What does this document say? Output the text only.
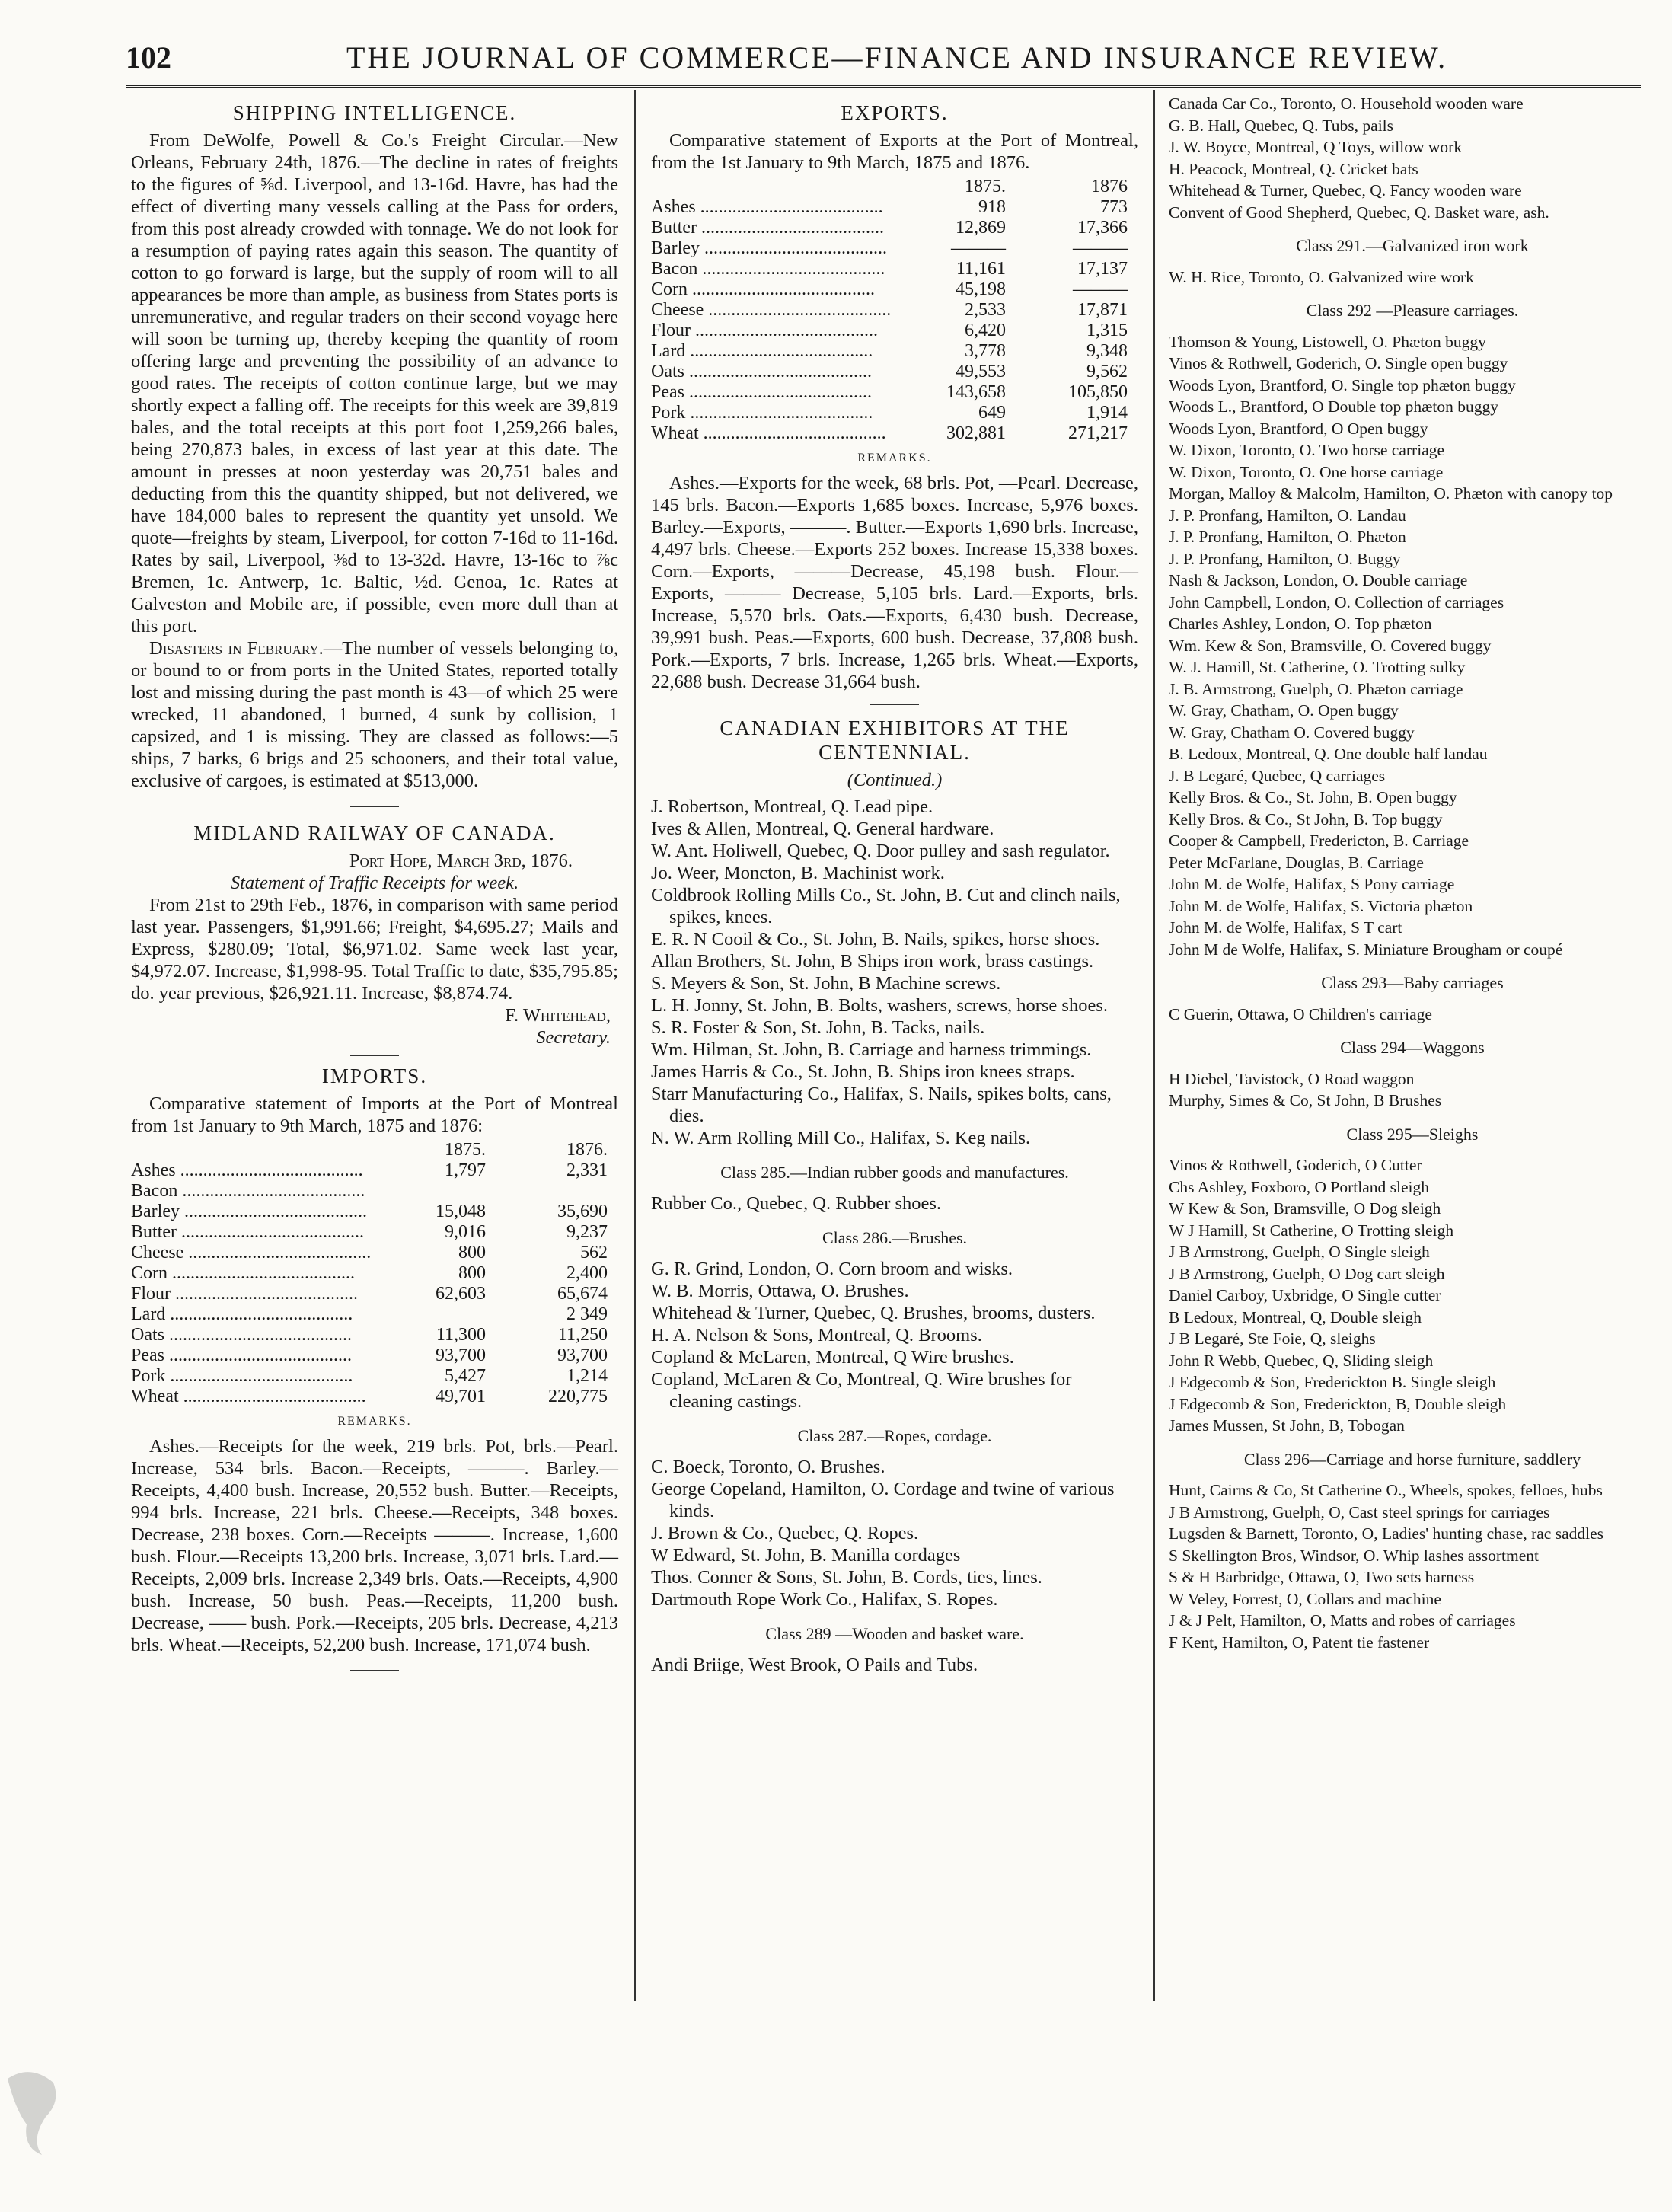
102	THE JOURNAL OF COMMERCE—FINANCE AND INSURANCE REVIEW.
SHIPPING INTELLIGENCE.

From DeWolfe, Powell & Co.'s Freight Circular.—New Orleans, February 24th, 1876.—The decline in rates of freights to the figures of ⅝d. Liverpool, and 13-16d. Havre, has had the effect of diverting many vessels calling at the Pass for orders, from this post already crowded with tonnage. We do not look for a resumption of paying rates again this season. The quantity of cotton to go forward is large, but the supply of room will to all appearances be more than ample, as business from States ports is unremunerative, and regular traders on their second voyage here will soon be turning up, thereby keeping the quantity of room offering large and preventing the possibility of an advance to good rates. The receipts of cotton continue large, but we may shortly expect a falling off. The receipts for this week are 39,819 bales, and the total receipts at this port foot 1,259,266 bales, being 270,873 bales, in excess of last year at this date. The amount in presses at noon yesterday was 20,751 bales and deducting from this the quantity shipped, but not delivered, we have 184,000 bales to represent the quantity yet unsold. We quote—freights by steam, Liverpool, for cotton 7-16d to 11-16d. Rates by sail, Liverpool, ⅜d to 13-32d. Havre, 13-16c to ⅞c Bremen, 1c. Antwerp, 1c. Baltic, ½d. Genoa, 1c. Rates at Galveston and Mobile are, if possible, even more dull than at this port.

Disasters in February.—The number of vessels belonging to, or bound to or from ports in the United States, reported totally lost and missing during the past month is 43—of which 25 were wrecked, 11 abandoned, 1 burned, 4 sunk by collision, 1 capsized, and 1 is missing. They are classed as follows:—5 ships, 7 barks, 6 brigs and 25 schooners, and their total value, exclusive of cargoes, is estimated at $513,000.

MIDLAND RAILWAY OF CANADA.
Port Hope, March 3rd, 1876.
Statement of Traffic Receipts for week.

From 21st to 29th Feb., 1876, in comparison with same period last year. Passengers, $1,991.66; Freight, $4,695.27; Mails and Express, $280.09; Total, $6,971.02. Same week last year, $4,972.07. Increase, $1,998-95. Total Traffic to date, $35,795.85; do. year previous, $26,921.11. Increase, $8,874.74.

F. Whitehead,
Secretary.
IMPORTS.

Comparative statement of Imports at the Port of Montreal from 1st January to 9th March, 1875 and 1876:

	1875.	1876.
Ashes ........................................	1,797	2,331
Bacon ........................................		
Barley ........................................	15,048	35,690
Butter ........................................	9,016	9,237
Cheese ........................................	800	562
Corn ........................................	800	2,400
Flour ........................................	62,603	65,674
Lard ........................................		2 349
Oats ........................................	11,300	11,250
Peas ........................................	93,700	93,700
Pork ........................................	5,427	1,214
Wheat ........................................	49,701	220,775
REMARKS.

Ashes.—Receipts for the week, 219 brls. Pot, brls.—Pearl. Increase, 534 brls. Bacon.—Receipts, ———. Barley.—Receipts, 4,400 bush. Increase, 20,552 bush. Butter.—Receipts, 994 brls. Increase, 221 brls. Cheese.—Receipts, 348 boxes. Decrease, 238 boxes. Corn.—Receipts ———. Increase, 1,600 bush. Flour.—Receipts 13,200 brls. Increase, 3,071 brls. Lard.—Receipts, 2,009 brls. Increase 2,349 brls. Oats.—Receipts, 4,900 bush. Increase, 50 bush. Peas.—Receipts, 11,200 bush. Decrease, —— bush. Pork.—Receipts, 205 brls. Decrease, 4,213 brls. Wheat.—Receipts, 52,200 bush. Increase, 171,074 bush.

EXPORTS.

Comparative statement of Exports at the Port of Montreal, from the 1st January to 9th March, 1875 and 1876.

	1875.	1876
Ashes ........................................	918	773
Butter ........................................	12,869	17,366
Barley ........................................	———	———
Bacon ........................................	11,161	17,137
Corn ........................................	45,198	———
Cheese ........................................	2,533	17,871
Flour ........................................	6,420	1,315
Lard ........................................	3,778	9,348
Oats ........................................	49,553	9,562
Peas ........................................	143,658	105,850
Pork ........................................	649	1,914
Wheat ........................................	302,881	271,217
REMARKS.

Ashes.—Exports for the week, 68 brls. Pot, —Pearl. Decrease, 145 brls. Bacon.—Exports 1,685 boxes. Increase, 5,976 boxes. Barley.—Exports, ———. Butter.—Exports 1,690 brls. Increase, 4,497 brls. Cheese.—Exports 252 boxes. Increase 15,338 boxes. Corn.—Exports, ———Decrease, 45,198 bush. Flour.—Exports, ——— Decrease, 5,105 brls. Lard.—Exports, brls. Increase, 5,570 brls. Oats.—Exports, 6,430 bush. Decrease, 39,991 bush. Peas.—Exports, 600 bush. Decrease, 37,808 bush. Pork.—Exports, 7 brls. Increase, 1,265 brls. Wheat.—Exports, 22,688 bush. Decrease 31,664 bush.

CANADIAN EXHIBITORS AT THE CENTENNIAL.
(Continued.)
J. Robertson, Montreal, Q. Lead pipe.
Ives & Allen, Montreal, Q. General hardware.
W. Ant. Holiwell, Quebec, Q. Door pulley and sash regulator.
Jo. Weer, Moncton, B. Machinist work.
Coldbrook Rolling Mills Co., St. John, B. Cut and clinch nails, spikes, knees.
E. R. N Cooil & Co., St. John, B. Nails, spikes, horse shoes.
Allan Brothers, St. John, B Ships iron work, brass castings.
S. Meyers & Son, St. John, B Machine screws.
L. H. Jonny, St. John, B. Bolts, washers, screws, horse shoes.
S. R. Foster & Son, St. John, B. Tacks, nails.
Wm. Hilman, St. John, B. Carriage and harness trimmings.
James Harris & Co., St. John, B. Ships iron knees straps.
Starr Manufacturing Co., Halifax, S. Nails, spikes bolts, cans, dies.
N. W. Arm Rolling Mill Co., Halifax, S. Keg nails.
Class 285.—Indian rubber goods and manufactures.
Rubber Co., Quebec, Q. Rubber shoes.
Class 286.—Brushes.
G. R. Grind, London, O. Corn broom and wisks.
W. B. Morris, Ottawa, O. Brushes.
Whitehead & Turner, Quebec, Q. Brushes, brooms, dusters.
H. A. Nelson & Sons, Montreal, Q. Brooms.
Copland & McLaren, Montreal, Q Wire brushes.
Copland, McLaren & Co, Montreal, Q. Wire brushes for cleaning castings.
Class 287.—Ropes, cordage.
C. Boeck, Toronto, O. Brushes.
George Copeland, Hamilton, O. Cordage and twine of various kinds.
J. Brown & Co., Quebec, Q. Ropes.
W Edward, St. John, B. Manilla cordages
Thos. Conner & Sons, St. John, B. Cords, ties, lines.
Dartmouth Rope Work Co., Halifax, S. Ropes.
Class 289 —Wooden and basket ware.
Andi Briige, West Brook, O Pails and Tubs.
Canada Car Co., Toronto, O. Household wooden ware
G. B. Hall, Quebec, Q. Tubs, pails
J. W. Boyce, Montreal, Q Toys, willow work
H. Peacock, Montreal, Q. Cricket bats
Whitehead & Turner, Quebec, Q. Fancy wooden ware
Convent of Good Shepherd, Quebec, Q. Basket ware, ash.
Class 291.—Galvanized iron work
W. H. Rice, Toronto, O. Galvanized wire work
Class 292 —Pleasure carriages.
Thomson & Young, Listowell, O. Phæton buggy
Vinos & Rothwell, Goderich, O. Single open buggy
Woods Lyon, Brantford, O. Single top phæton buggy
Woods L., Brantford, O Double top phæton buggy
Woods Lyon, Brantford, O Open buggy
W. Dixon, Toronto, O. Two horse carriage
W. Dixon, Toronto, O. One horse carriage
Morgan, Malloy & Malcolm, Hamilton, O. Phæton with canopy top
J. P. Pronfang, Hamilton, O. Landau
J. P. Pronfang, Hamilton, O. Phæton
J. P. Pronfang, Hamilton, O. Buggy
Nash & Jackson, London, O. Double carriage
John Campbell, London, O. Collection of carriages
Charles Ashley, London, O. Top phæton
Wm. Kew & Son, Bramsville, O. Covered buggy
W. J. Hamill, St. Catherine, O. Trotting sulky
J. B. Armstrong, Guelph, O. Phæton carriage
W. Gray, Chatham, O. Open buggy
W. Gray, Chatham O. Covered buggy
B. Ledoux, Montreal, Q. One double half landau
J. B Legaré, Quebec, Q carriages
Kelly Bros. & Co., St. John, B. Open buggy
Kelly Bros. & Co., St John, B. Top buggy
Cooper & Campbell, Fredericton, B. Carriage
Peter McFarlane, Douglas, B. Carriage
John M. de Wolfe, Halifax, S Pony carriage
John M. de Wolfe, Halifax, S. Victoria phæton
John M. de Wolfe, Halifax, S T cart
John M de Wolfe, Halifax, S. Miniature Brougham or coupé
Class 293—Baby carriages
C Guerin, Ottawa, O Children's carriage
Class 294—Waggons
H Diebel, Tavistock, O Road waggon
Murphy, Simes & Co, St John, B Brushes
Class 295—Sleighs
Vinos & Rothwell, Goderich, O Cutter
Chs Ashley, Foxboro, O Portland sleigh
W Kew & Son, Bramsville, O Dog sleigh
W J Hamill, St Catherine, O Trotting sleigh
J B Armstrong, Guelph, O Single sleigh
J B Armstrong, Guelph, O Dog cart sleigh
Daniel Carboy, Uxbridge, O Single cutter
B Ledoux, Montreal, Q, Double sleigh
J B Legaré, Ste Foie, Q, sleighs
John R Webb, Quebec, Q, Sliding sleigh
J Edgecomb & Son, Frederickton B. Single sleigh
J Edgecomb & Son, Frederickton, B, Double sleigh
James Mussen, St John, B, Tobogan
Class 296—Carriage and horse furniture, saddlery
Hunt, Cairns & Co, St Catherine O., Wheels, spokes, felloes, hubs
J B Armstrong, Guelph, O, Cast steel springs for carriages
Lugsden & Barnett, Toronto, O, Ladies' hunting chase, rac saddles
S Skellington Bros, Windsor, O. Whip lashes assortment
S & H Barbridge, Ottawa, O, Two sets harness
W Veley, Forrest, O, Collars and machine
J & J Pelt, Hamilton, O, Matts and robes of carriages
F Kent, Hamilton, O, Patent tie fastener
